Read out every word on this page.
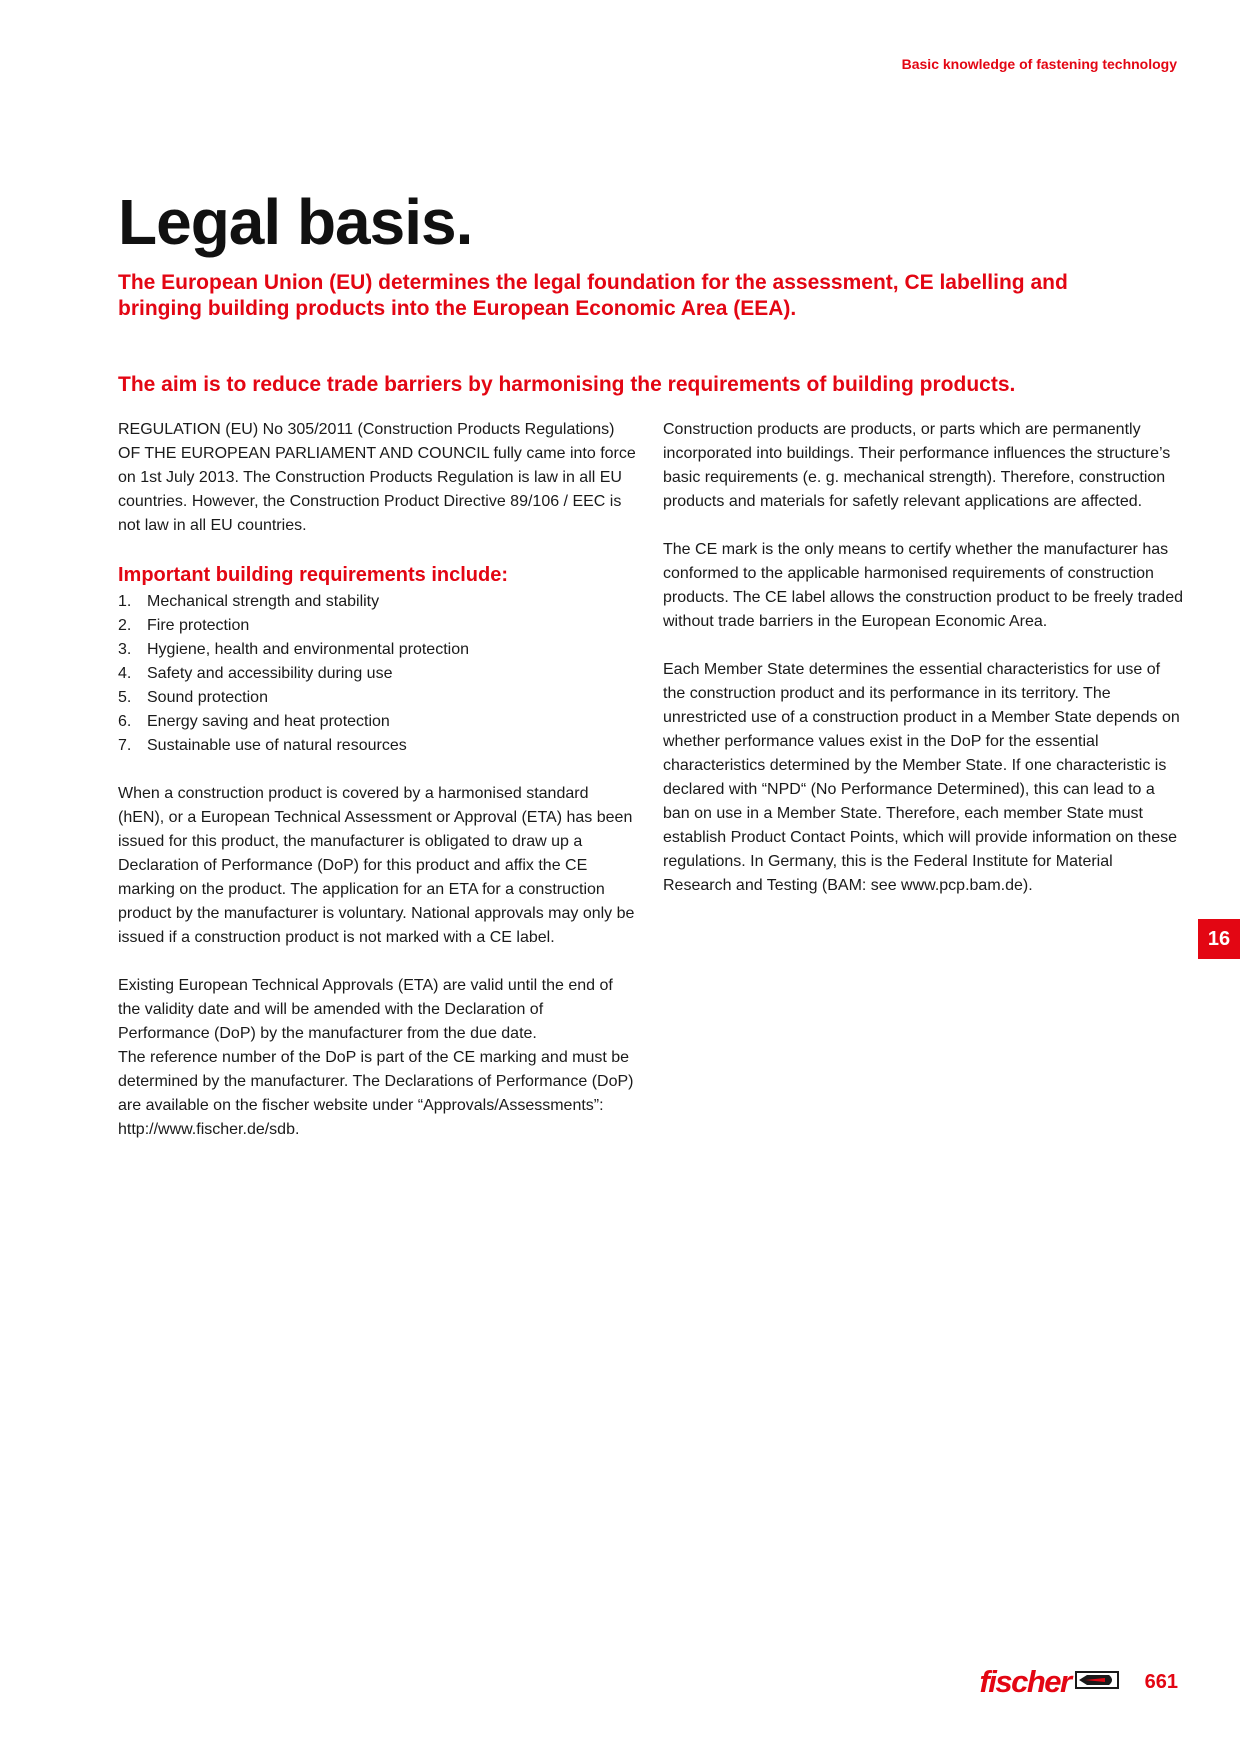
Basic knowledge of fastening technology
Legal basis.

The European Union (EU) determines the legal foundation for the assessment, CE labelling and bringing building products into the European Economic Area (EEA).

The aim is to reduce trade barriers by harmonising the requirements of building products.

REGULATION (EU) No 305/2011 (Construction Products Regulations) OF THE EUROPEAN PARLIAMENT AND COUNCIL fully came into force on 1st July 2013. The Construction Products Regulation is law in all EU countries. However, the Construction Product Directive 89/106 / EEC is not law in all EU countries.

Important building requirements include:
1. Mechanical strength and stability
2. Fire protection
3. Hygiene, health and environmental protection
4. Safety and accessibility during use
5. Sound protection
6. Energy saving and heat protection
7. Sustainable use of natural resources

When a construction product is covered by a harmonised standard (hEN), or a European Technical Assessment or Approval (ETA) has been issued for this product, the manufacturer is obligated to draw up a Declaration of Performance (DoP) for this product and affix the CE marking on the product. The application for an ETA for a construction product by the manufacturer is voluntary. National approvals may only be issued if a construction product is not marked with a CE label.

Existing European Technical Approvals (ETA) are valid until the end of the validity date and will be amended with the Declaration of Performance (DoP) by the manufacturer from the due date.

The reference number of the DoP is part of the CE marking and must be determined by the manufacturer. The Declarations of Performance (DoP) are available on the fischer website under “Approvals/Assessments”: http://www.fischer.de/sdb.

Construction products are products, or parts which are permanently incorporated into buildings. Their performance influences the structure’s basic requirements (e. g. mechanical strength). Therefore, construction products and materials for safetly relevant applications are affected.

The CE mark is the only means to certify whether the manufacturer has conformed to the applicable harmonised requirements of construction products. The CE label allows the construction product to be freely traded without trade barriers in the European Economic Area.

Each Member State determines the essential characteristics for use of the construction product and its performance in its territory. The unrestricted use of a construction product in a Member State depends on whether performance values exist in the DoP for the essential characteristics determined by the Member State. If one characteristic is declared with “NPD“ (No Performance Determined), this can lead to a ban on use in a Member State. Therefore, each member State must establish Product Contact Points, which will provide information on these regulations. In Germany, this is the Federal Institute for Material Research and Testing (BAM: see www.pcp.bam.de).

16
fischer	661
